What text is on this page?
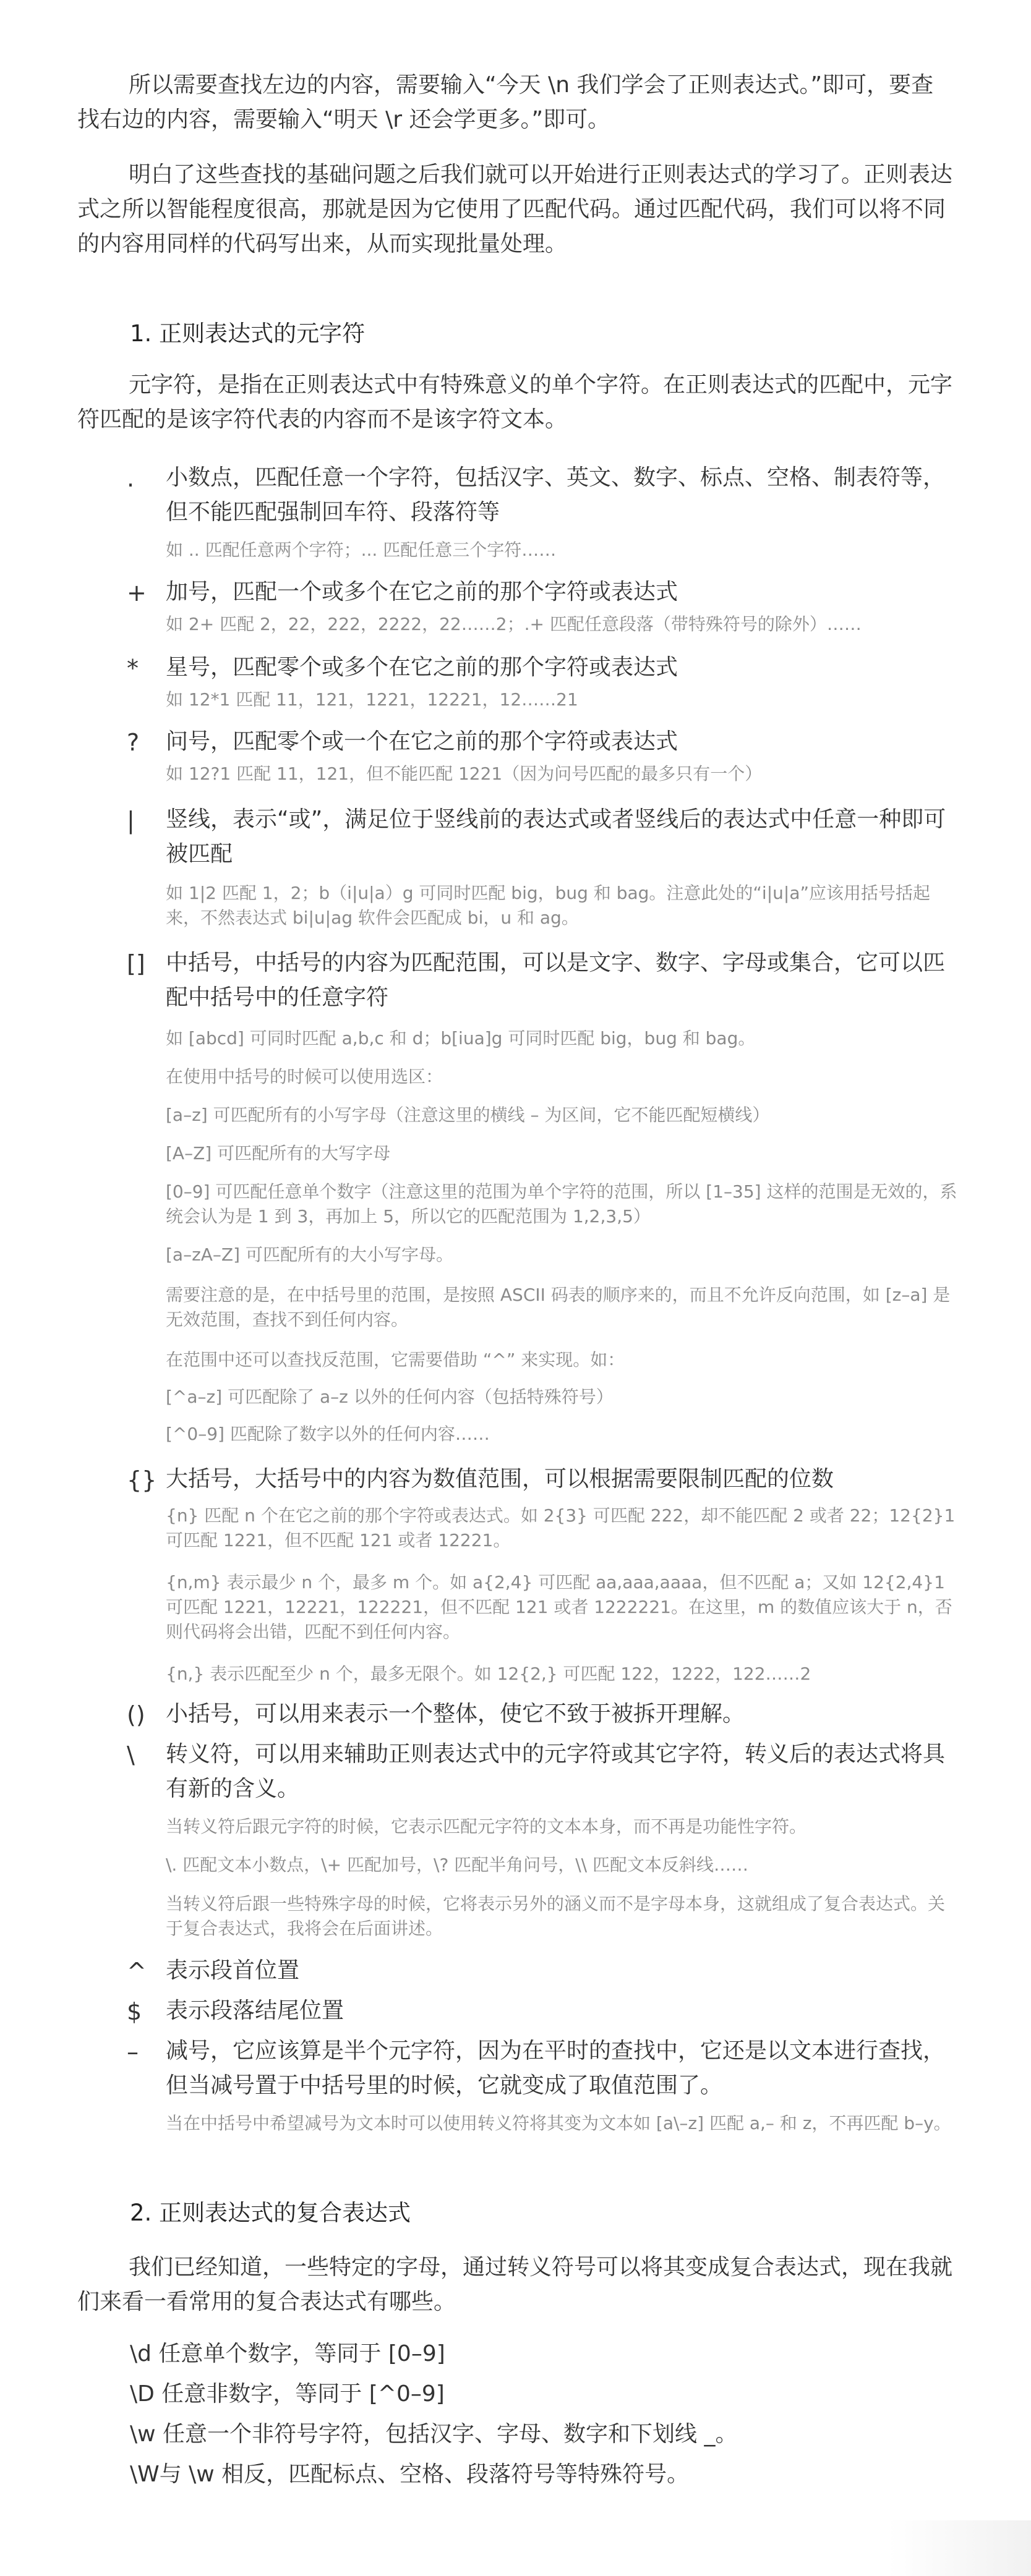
所以需要查找左边的内容，需要输入“今天 \n 我们学会了正则表达式。”即可，要查找右边的内容，需要输入“明天 \r 还会学更多。”即可。

明白了这些查找的基础问题之后我们就可以开始进行正则表达式的学习了。正则表达式之所以智能程度很高，那就是因为它使用了匹配代码。通过匹配代码，我们可以将不同的内容用同样的代码写出来，从而实现批量处理。

1. 正则表达式的元字符

元字符，是指在正则表达式中有特殊意义的单个字符。在正则表达式的匹配中，元字符匹配的是该字符代表的内容而不是该字符文本。

.	小数点，匹配任意一个字符，包括汉字、英文、数字、标点、空格、制表符等，但不能匹配强制回车符、段落符等

如 .. 匹配任意两个字符；... 匹配任意三个字符……

+ 加号，匹配一个或多个在它之前的那个字符或表达式

如 2+ 匹配 2，22，222，2222，22……2；.+ 匹配任意段落（带特殊符号的除外）……

*	星号，匹配零个或多个在它之前的那个字符或表达式

如 12*1 匹配 11，121，1221，12221，12……21

?	问号，匹配零个或一个在它之前的那个字符或表达式

如 12?1 匹配 11，121，但不能匹配 1221（因为问号匹配的最多只有一个）

|	竖线，表示“或”，满足位于竖线前的表达式或者竖线后的表达式中任意一种即可被匹配

如 1|2 匹配 1，2；b（i|u|a）g 可同时匹配 big，bug 和 bag。注意此处的“i|u|a”应该用括号括起来，不然表达式 bi|u|ag 软件会匹配成 bi，u 和 ag。

[] 中括号，中括号的内容为匹配范围，可以是文字、数字、字母或集合，它可以匹配中括号中的任意字符

如 [abcd] 可同时匹配 a,b,c 和 d；b[iua]g 可同时匹配 big，bug 和 bag。

在使用中括号的时候可以使用选区：

[a–z] 可匹配所有的小写字母（注意这里的横线 – 为区间，它不能匹配短横线）

[A–Z] 可匹配所有的大写字母

[0–9] 可匹配任意单个数字（注意这里的范围为单个字符的范围，所以 [1–35] 这样的范围是无效的，系统会认为是 1 到 3，再加上 5，所以它的匹配范围为 1,2,3,5）

[a–zA–Z] 可匹配所有的大小写字母。

需要注意的是，在中括号里的范围，是按照 ASCII 码表的顺序来的，而且不允许反向范围，如 [z–a] 是无效范围，查找不到任何内容。

在范围中还可以查找反范围，它需要借助 “^” 来实现。如：

[^a–z] 可匹配除了 a–z 以外的任何内容（包括特殊符号）

[^0–9] 匹配除了数字以外的任何内容……

{} 大括号，大括号中的内容为数值范围，可以根据需要限制匹配的位数

{n} 匹配 n 个在它之前的那个字符或表达式。如 2{3} 可匹配 222，却不能匹配 2 或者 22；12{2}1 可匹配 1221，但不匹配 121 或者 12221。

{n,m} 表示最少 n 个，最多 m 个。如 a{2,4} 可匹配 aa,aaa,aaaa，但不匹配 a；又如 12{2,4}1 可匹配 1221，12221，122221，但不匹配 121 或者 1222221。在这里，m 的数值应该大于 n，否则代码将会出错，匹配不到任何内容。

{n,} 表示匹配至少 n 个，最多无限个。如 12{2,} 可匹配 122，1222，122……2

() 小括号，可以用来表示一个整体，使它不致于被拆开理解。

\	转义符，可以用来辅助正则表达式中的元字符或其它字符，转义后的表达式将具有新的含义。

当转义符后跟元字符的时候，它表示匹配元字符的文本本身，而不再是功能性字符。

\. 匹配文本小数点，\+ 匹配加号，\? 匹配半角问号，\\ 匹配文本反斜线……

当转义符后跟一些特殊字母的时候，它将表示另外的涵义而不是字母本身，这就组成了复合表达式。关于复合表达式，我将会在后面讲述。

^ 表示段首位置

$	表示段落结尾位置

–	减号，它应该算是半个元字符，因为在平时的查找中，它还是以文本进行查找，但当减号置于中括号里的时候，它就变成了取值范围了。

当在中括号中希望减号为文本时可以使用转义符将其变为文本如 [a\–z] 匹配 a,– 和 z，不再匹配 b–y。

2. 正则表达式的复合表达式

我们已经知道，一些特定的字母，通过转义符号可以将其变成复合表达式，现在我就们来看一看常用的复合表达式有哪些。

\d 任意单个数字，等同于 [0–9]

\D 任意非数字，等同于 [^0–9]

\w 任意一个非符号字符，包括汉字、字母、数字和下划线 _。

\W与 \w 相反，匹配标点、空格、段落符号等特殊符号。
